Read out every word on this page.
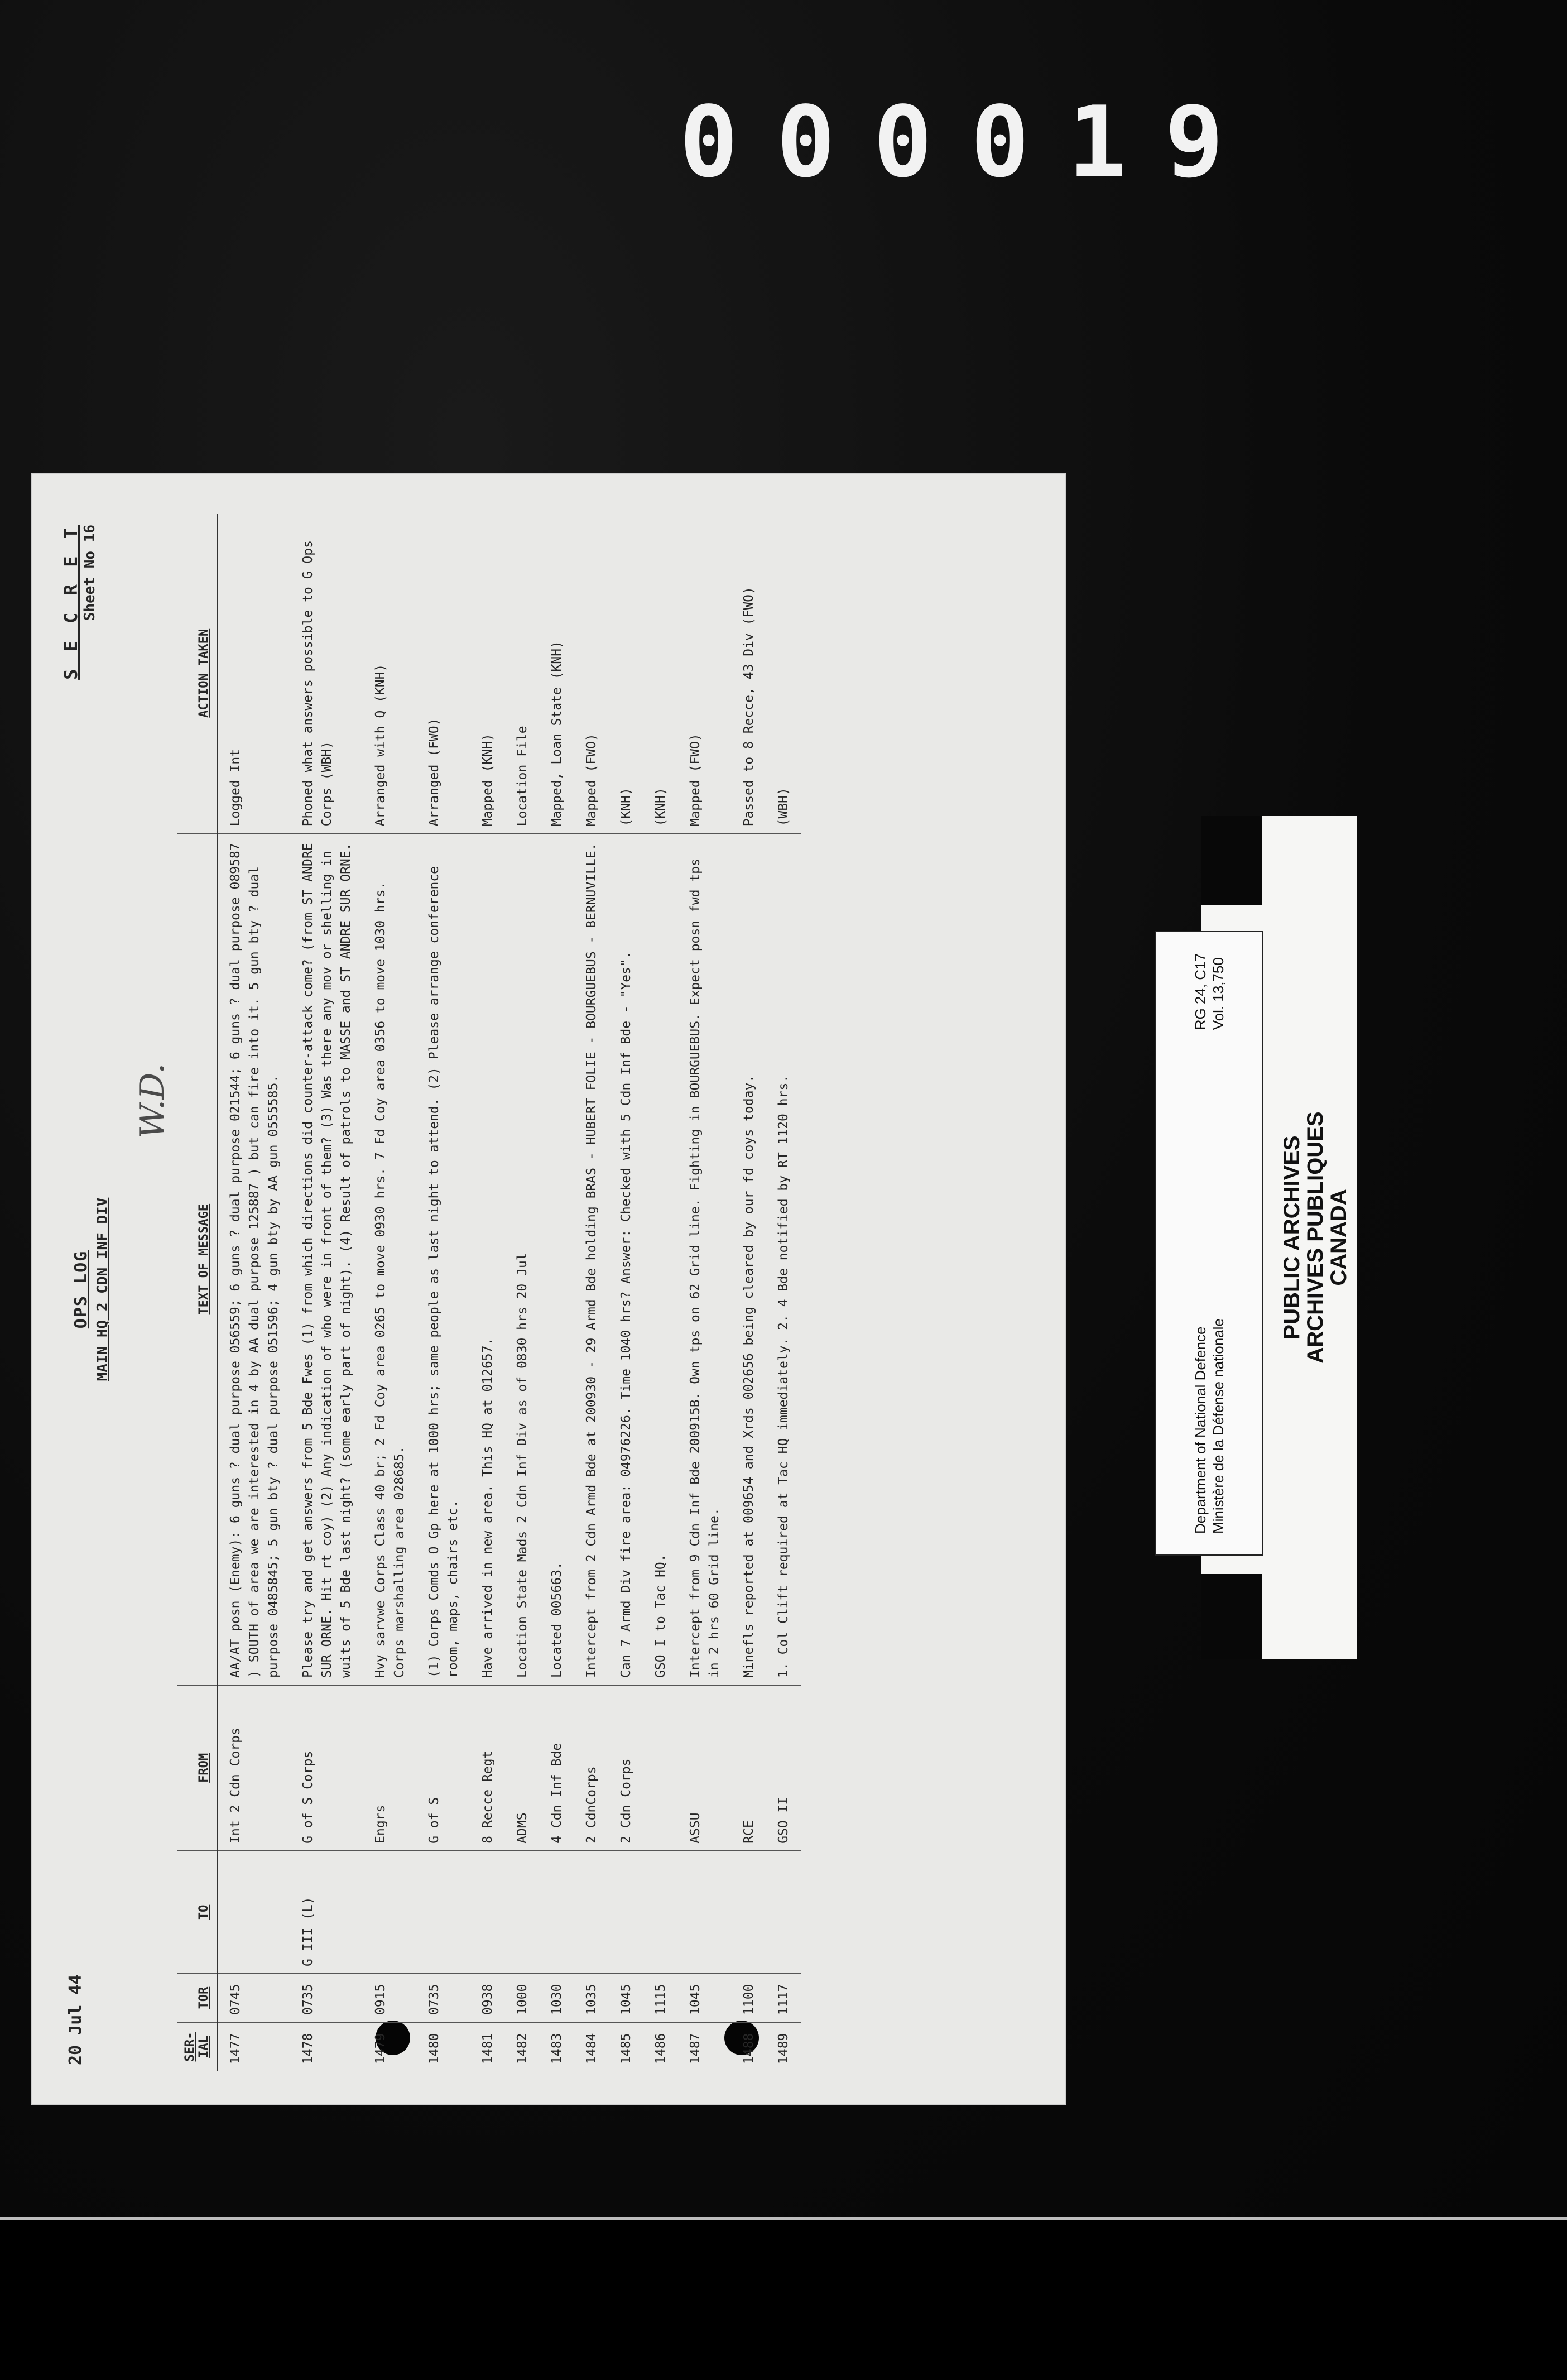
0 0 0 0 1 9
20 Jul 44
OPS LOG MAIN HQ 2 CDN INF DIV
W.D.
S E C R E T Sheet No 16
SER-IAL	TOR	TO	FROM	TEXT OF MESSAGE	ACTION TAKEN
1477	0745		Int 2 Cdn Corps	AA/AT posn (Enemy): 6 guns ? dual purpose 056559; 6 guns ? dual purpose 021544; 6 guns ? dual purpose 089587 ) SOUTH of area we are interested in 4 by AA dual purpose 125887 ) but can fire into it. 5 gun bty ? dual purpose 0485845; 5 gun bty ? dual purpose 051596; 4 gun bty by AA gun 0555585.	Logged Int
1478	0735	G III (L)	G of S Corps	Please try and get answers from 5 Bde Fwes (1) from which directions did counter-attack come? (from ST ANDRE SUR ORNE. Hit rt coy) (2) Any indication of who were in front of them? (3) Was there any mov or shelling in wuits of 5 Bde last night? (some early part of night). (4) Result of patrols to MASSE and ST ANDRE SUR ORNE.	Phoned what answers possible to G Ops Corps (WBH)
1479	0915		Engrs	Hvy sarvwe Corps Class 40 br; 2 Fd Coy area 0265 to move 0930 hrs. 7 Fd Coy area 0356 to move 1030 hrs. Corps marshalling area 028685.	Arranged with Q (KNH)
1480	0735		G of S	(1) Corps Comds O Gp here at 1000 hrs; same people as last night to attend. (2) Please arrange conference room, maps, chairs etc.	Arranged (FWO)
1481	0938		8 Recce Regt	Have arrived in new area. This HQ at 012657.	Mapped (KNH)
1482	1000		ADMS	Location State Mads 2 Cdn Inf Div as of 0830 hrs 20 Jul	Location File
1483	1030		4 Cdn Inf Bde	Located 005663.	Mapped, Loan State (KNH)
1484	1035		2 CdnCorps	Intercept from 2 Cdn Armd Bde at 200930 - 29 Armd Bde holding BRAS - HUBERT FOLIE - BOURGUEBUS - BERNUVILLE.	Mapped (FWO)
1485	1045		2 Cdn Corps	Can 7 Armd Div fire area: 04976226. Time 1040 hrs? Answer: Checked with 5 Cdn Inf Bde - "Yes".	(KNH)
1486	1115			GSO I to Tac HQ.	(KNH)
1487	1045		ASSU	Intercept from 9 Cdn Inf Bde 200915B. Own tps on 62 Grid line. Fighting in BOURGUEBUS. Expect posn fwd tps in 2 hrs 60 Grid line.	Mapped (FWO)
1488	1100		RCE	Minefls reported at 009654 and Xrds 002656 being cleared by our fd coys today.	Passed to 8 Recce, 43 Div (FWO)
1489	1117		GSO II	1. Col Clift required at Tac HQ immediately. 2. 4 Bde notified by RT 1120 hrs.	(WBH)
PUBLIC ARCHIVES
ARCHIVES PUBLIQUES
CANADA
Department of National Defence Ministère de la Défense nationale
RG 24, C17 Vol. 13,750
